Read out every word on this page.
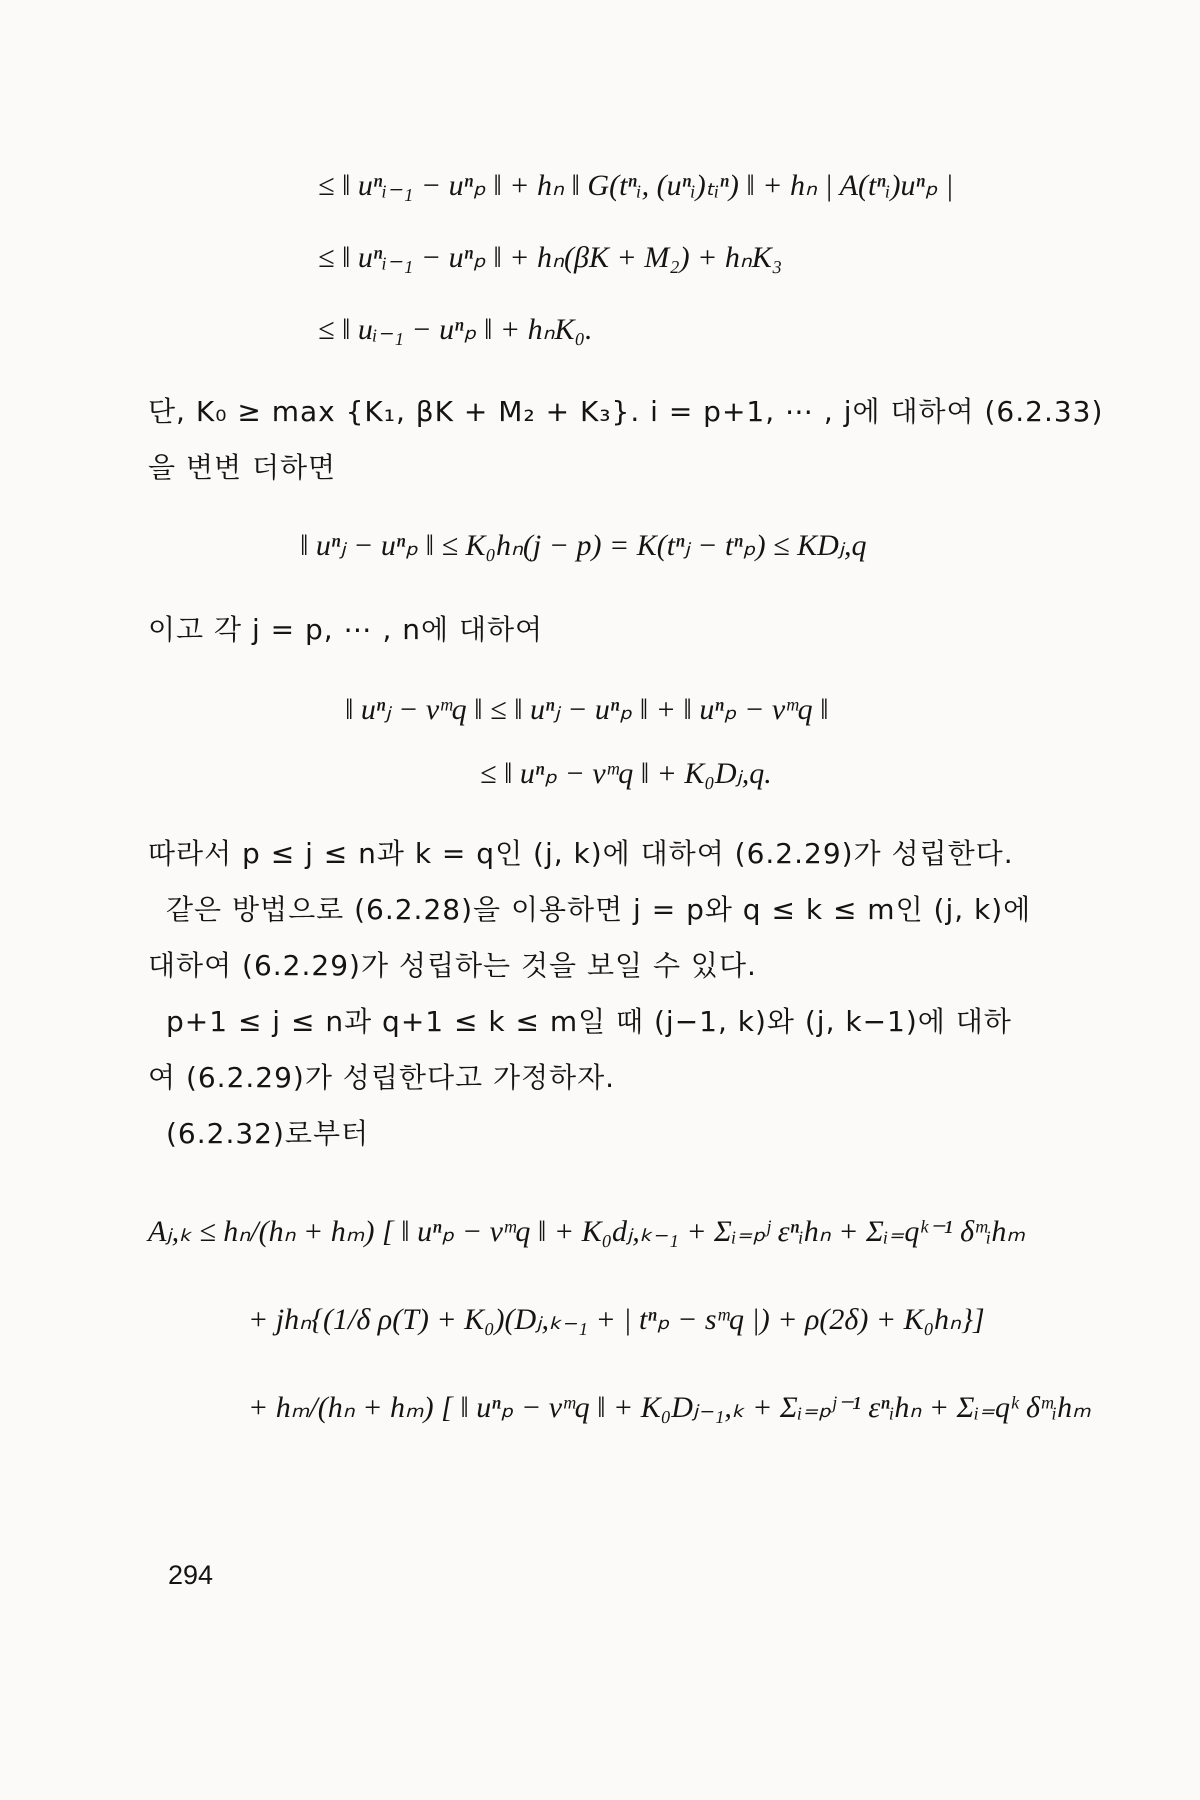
≤ ‖ uⁿᵢ₋₁ − uⁿₚ ‖ + hₙ ‖ G(tⁿᵢ, (uⁿᵢ)ₜᵢⁿ) ‖ + hₙ | A(tⁿᵢ)uⁿₚ |
≤ ‖ uⁿᵢ₋₁ − uⁿₚ ‖ + hₙ(βK + M₂) + hₙK₃
≤ ‖ uᵢ₋₁ − uⁿₚ ‖ + hₙK₀.
단, K₀ ≥ max {K₁, βK + M₂ + K₃}. i = p+1, ⋯ , j에 대하여 (6.2.33)
을 변변 더하면
‖ uⁿⱼ − uⁿₚ ‖ ≤ K₀hₙ(j − p) = K(tⁿⱼ − tⁿₚ) ≤ KDⱼ,q
이고 각 j = p, ⋯ , n에 대하여
‖ uⁿⱼ − vᵐq ‖ ≤ ‖ uⁿⱼ − uⁿₚ ‖ + ‖ uⁿₚ − vᵐq ‖
≤ ‖ uⁿₚ − vᵐq ‖ + K₀Dⱼ,q.
따라서 p ≤ j ≤ n과 k = q인 (j, k)에 대하여 (6.2.29)가 성립한다.
같은 방법으로 (6.2.28)을 이용하면 j = p와 q ≤ k ≤ m인 (j, k)에
대하여 (6.2.29)가 성립하는 것을 보일 수 있다.
p+1 ≤ j ≤ n과 q+1 ≤ k ≤ m일 때 (j−1, k)와 (j, k−1)에 대하
여 (6.2.29)가 성립한다고 가정하자.
(6.2.32)로부터
Aⱼ,ₖ ≤ hₙ/(hₙ + hₘ) [ ‖ uⁿₚ − vᵐq ‖ + K₀dⱼ,ₖ₋₁ + Σᵢ₌ₚʲ εⁿᵢhₙ + Σᵢ₌qᵏ⁻¹ δᵐᵢhₘ
+ jhₙ{(1/δ ρ(T) + K₀)(Dⱼ,ₖ₋₁ + | tⁿₚ − sᵐq |) + ρ(2δ) + K₀hₙ}]
+ hₘ/(hₙ + hₘ) [ ‖ uⁿₚ − vᵐq ‖ + K₀Dⱼ₋₁,ₖ + Σᵢ₌ₚʲ⁻¹ εⁿᵢhₙ + Σᵢ₌qᵏ δᵐᵢhₘ
294
